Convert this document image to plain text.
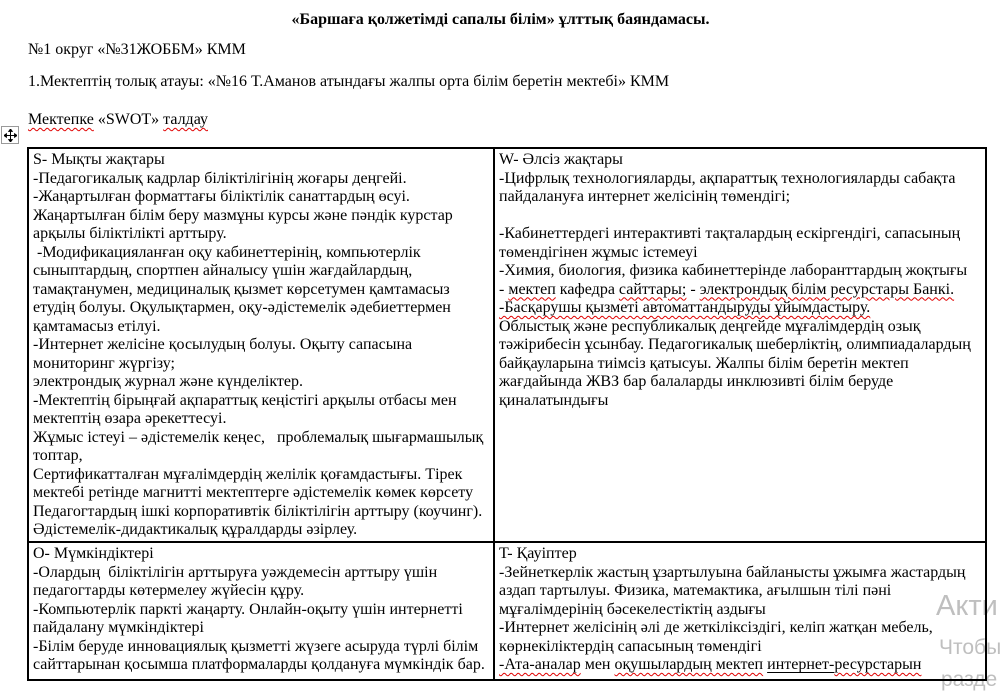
Акти
Чтобы
разде
«Баршаға қолжетімді сапалы білім» ұлттық баяндамасы.
№1 округ «№31ЖОББМ» КММ
1.Мектептің толық атауы: «№16 Т.Аманов атындағы жалпы орта білім беретін мектебі» КММ
Мектепке «SWOT» талдау
S- Мықты жақтары
-Педагогикалық кадрлар біліктілігінің жоғары деңгейі.
-Жаңартылған форматтағы біліктілік санаттардың өсуі.
Жаңартылған білім беру мазмұны курсы және пәндік курстар арқылы біліктілікті арттыру.
-Модификацияланған оқу кабинеттерінің, компьютерлік сыныптардың, спортпен айналысу үшін жағдайлардың, тамақтанумен, медициналық қызмет көрсетумен қамтамасыз етудің болуы. Оқулықтармен, оқу-әдістемелік әдебиеттермен қамтамасыз етілуі.
-Интернет желісіне қосылудың болуы. Оқыту сапасына мониторинг жүргізу;
электрондық журнал және күнделіктер.
-Мектептің бірыңғай ақпараттық кеңістігі арқылы отбасы мен мектептің өзара әрекеттесуі.
Жұмыс істеуі – әдістемелік кеңес,   проблемалық шығармашылық топтар,
Сертификатталған мұғалімдердің желілік қоғамдастығы. Тірек мектебі ретінде магнитті мектептерге әдістемелік көмек көрсету
Педагогтардың ішкі корпоративтік біліктілігін арттыру (коучинг).
Әдістемелік-дидактикалық құралдарды әзірлеу.
W- Әлсіз жақтары
-Цифрлық технологияларды, ақпараттық технологияларды сабақта пайдалануға интернет желісінің төмендігі;

-Кабинеттердегі интерактивті тақталардың ескіргендігі, сапасының төмендігінен жұмыс істемеуі
-Химия, биология, физика кабинеттерінде лаборанттардың жоқтығы
- мектеп кафедра сайттары; - электрондық білім ресурстары Банкі.
-Басқарушы қызметі автоматтандыруды ұйымдастыру.
Облыстық және республикалық деңгейде мұғалімдердің озық тәжірибесін ұсынбау. Педагогикалық шеберліктің, олимпиадалардың байқауларына тиімсіз қатысуы. Жалпы білім беретін мектеп жағдайында ЖВЗ бар балаларды инклюзивті білім беруде қиналатындығы
O- Мүмкіндіктері
-Олардың  біліктілігін арттыруға уәждемесін арттыру үшін педагогтарды көтермелеу жүйесін құру.
-Компьютерлік паркті жаңарту. Онлайн-оқыту үшін интернетті пайдалану мүмкіндіктері
-Білім беруде инновациялық қызметті жүзеге асыруда түрлі білім сайттарынан қосымша платформаларды қолдануға мүмкіндік бар.
T- Қауіптер
-Зейнеткерлік жастың ұзартылуына байланысты ұжымға жастардың аздап тартылуы. Физика, матемактика, ағылшын тілі пәні мұғалімдерінің бәсекелестіктің аздығы
-Интернет желісінің әлі де жеткіліксіздігі, келіп жатқан мебель, көрнекіліктердің сапасының төмендігі
-Ата-аналар мен оқушылардың мектеп интернет-ресурстарын
